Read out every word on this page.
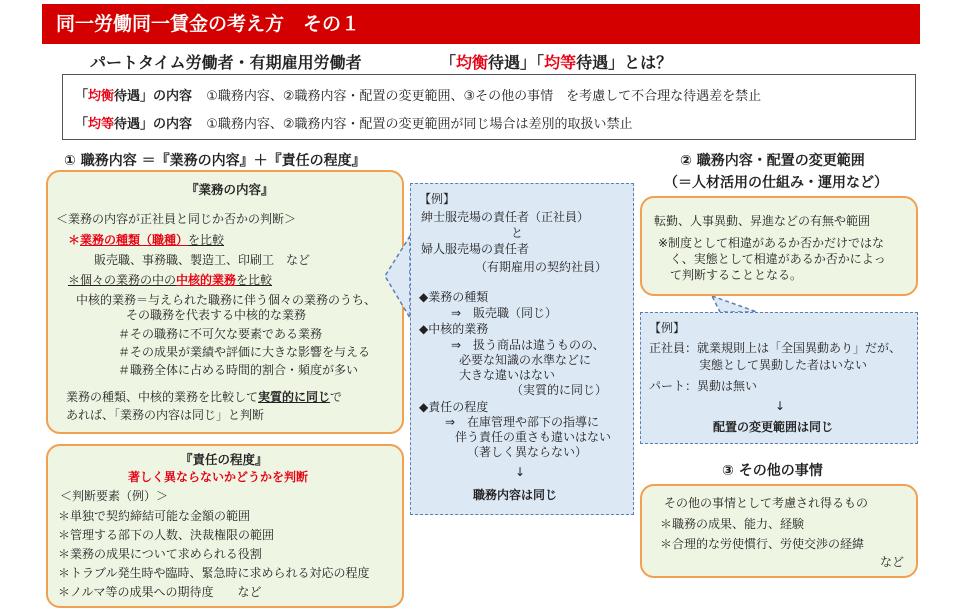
同一労働同一賃金の考え方　その１
パートタイム労働者・有期雇用労働者	「均衡待遇」「均等待遇」とは？
「均衡待遇」の内容 ①職務内容、②職務内容・配置の変更範囲、③その他の事情　を考慮して不合理な待遇差を禁止
「均等待遇」の内容 ①職務内容、②職務内容・配置の変更範囲が同じ場合は差別的取扱い禁止
① 職務内容 ＝『業務の内容』＋『責任の程度』
『業務の内容』
＜業務の内容が正社員と同じか否かの判断＞
＊業務の種類（職種）を比較
販売職、事務職、製造工、印刷工　など
＊個々の業務の中の中核的業務を比較
中核的業務＝与えられた職務に伴う個々の業務のうち、
その職務を代表する中核的な業務
＃その職務に不可欠な要素である業務
＃その成果が業績や評価に大きな影響を与える
＃職務全体に占める時間的割合・頻度が多い
業務の種類、中核的業務を比較して実質的に同じで
あれば、「業務の内容は同じ」と判断
『責任の程度』
著しく異ならないかどうかを判断
＜判断要素（例）＞
＊単独で契約締結可能な金額の範囲
＊管理する部下の人数、決裁権限の範囲
＊業務の成果について求められる役割
＊トラブル発生時や臨時、緊急時に求められる対応の程度
＊ノルマ等の成果への期待度　　など
【例】
紳士服売場の責任者（正社員）
と
婦人服売場の責任者
（有期雇用の契約社員）
◆業務の種類
⇒　販売職（同じ）
◆中核的業務
⇒　扱う商品は違うものの、
必要な知識の水準などに
大きな違いはない
（実質的に同じ）
◆責任の程度
⇒　在庫管理や部下の指導に
伴う責任の重さも違いはない
（著しく異ならない）
↓
職務内容は同じ
② 職務内容・配置の変更範囲
（＝人材活用の仕組み・運用など）
転勤、人事異動、昇進などの有無や範囲
※制度として相違があるか否かだけではな
く、実態として相違があるか否かによっ
て判断することとなる。
【例】
正社員：就業規則上は「全国異動あり」だが、
実態として異動した者はいない
パート：異動は無い
↓
配置の変更範囲は同じ
③ その他の事情
その他の事情として考慮され得るもの
＊職務の成果、能力、経験
＊合理的な労使慣行、労使交渉の経緯
など
